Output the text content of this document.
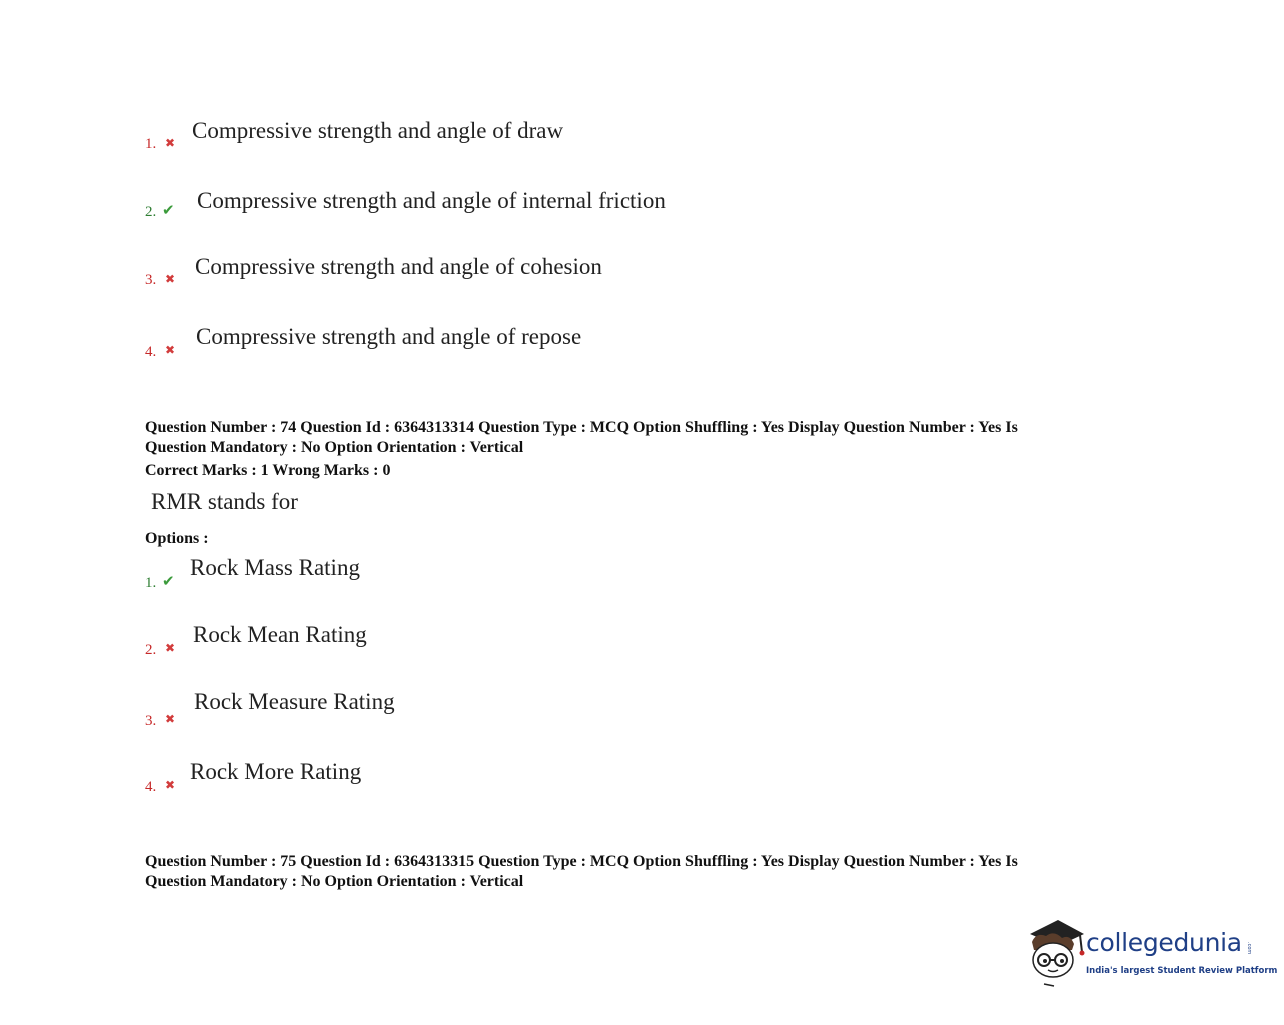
1. ✖ Compressive strength and angle of draw
2. ✔ Compressive strength and angle of internal friction
3. ✖ Compressive strength and angle of cohesion
4. ✖
Compressive strength and angle of repose
Question Number : 74 Question Id : 6364313314 Question Type : MCQ Option Shuffling : Yes Display Question Number : Yes Is
Question Mandatory : No Option Orientation : Vertical
Correct Marks : 1 Wrong Marks : 0
RMR stands for
Options :
1. ✔
Rock Mass Rating
2. ✖
Rock Mean Rating
3. ✖
Rock Measure Rating
4. ✖
Rock More Rating
Question Number : 75 Question Id : 6364313315 Question Type : MCQ Option Shuffling : Yes Display Question Number : Yes Is
Question Mandatory : No Option Orientation : Vertical
collegedunia .com
India's largest Student Review Platform
